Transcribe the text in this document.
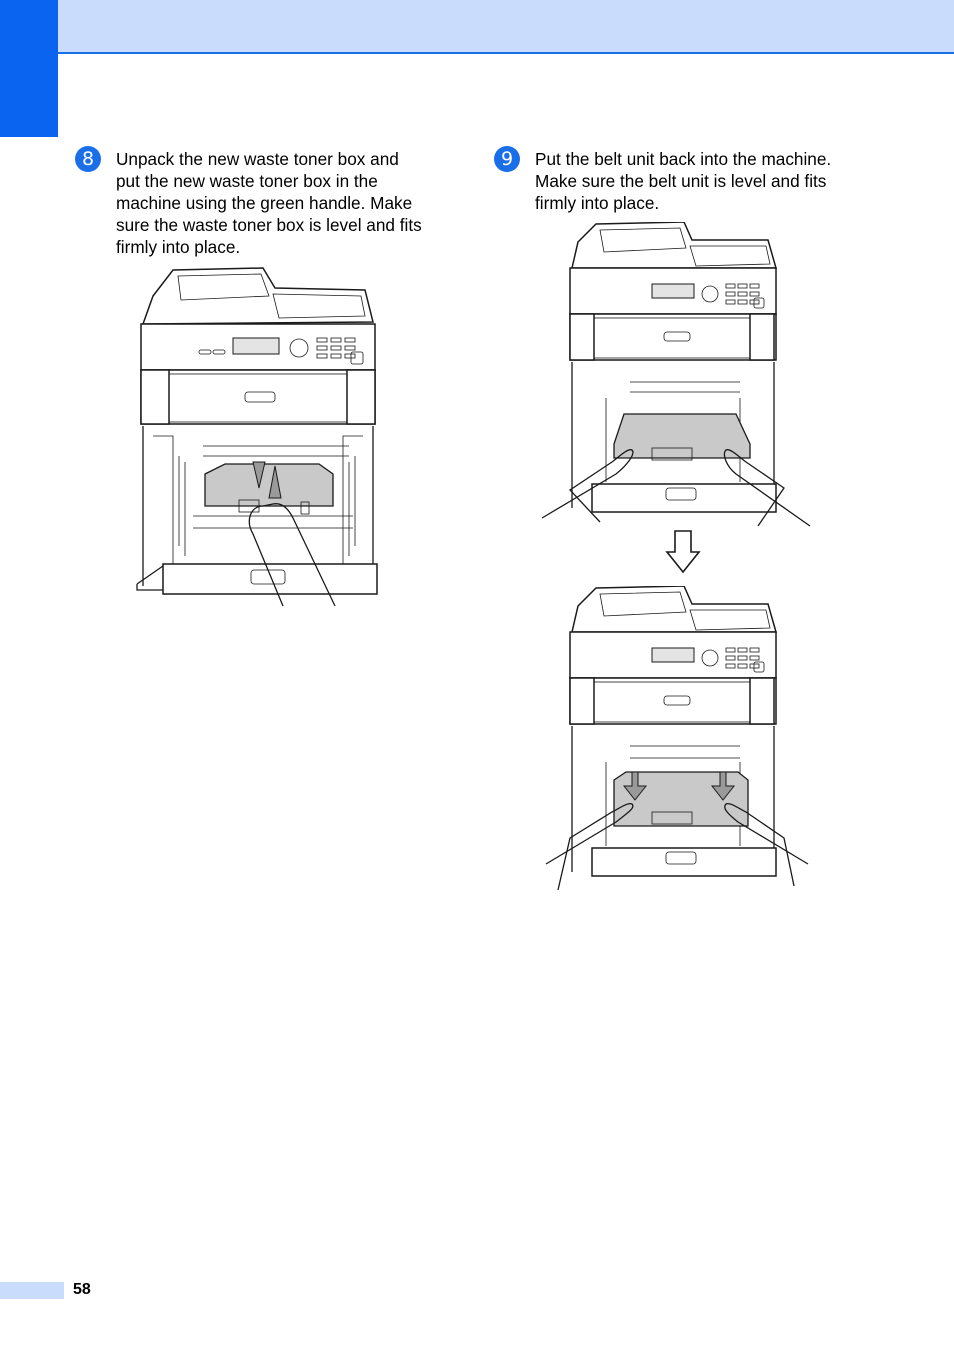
8	Unpack the new waste toner box and
put the new waste toner box in the
machine using the green handle. Make
sure the waste toner box is level and fits
firmly into place.
9	Put the belt unit back into the machine.
Make sure the belt unit is level and fits
firmly into place.
58
